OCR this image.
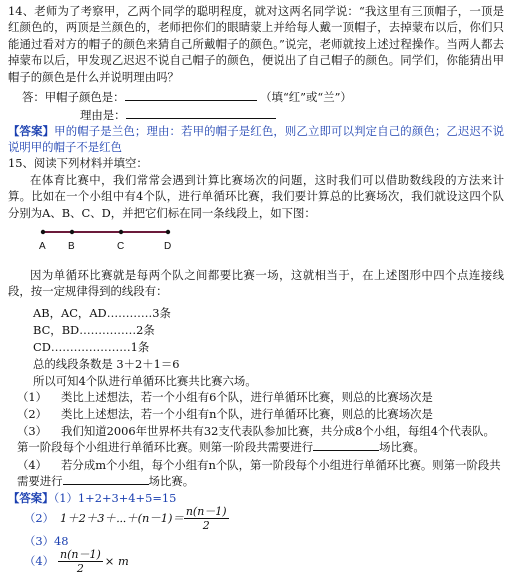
14、老师为了考察甲，乙两个同学的聪明程度，就对这两名同学说：“我这里有三顶帽子，一顶是红颜色的，两顶是兰颜色的，老师把你们的眼睛蒙上并给每人戴一顶帽子，去掉蒙布以后，你们只能通过看对方的帽子的颜色来猜自己所戴帽子的颜色。”说完，老师就按上述过程操作。当两人都去掉蒙布以后，甲发现乙迟迟不说自己帽子的颜色，便说出了自己帽子的颜色。同学们，你能猜出甲帽子的颜色是什么并说明理由吗？
答：甲帽子颜色是：	（填“红”或“兰”）
理由是：
【答案】甲的帽子是兰色；理由：若甲的帽子是红色，则乙立即可以判定自己的颜色；乙迟迟不说说明甲的帽子不是红色
15、阅读下列材料并填空：
在体育比赛中，我们常常会遇到计算比赛场次的问题，这时我们可以借助数线段的方法来计算。比如在一个小组中有4个队，进行单循环比赛，我们要计算总的比赛场次，我们就设这四个队分别为A、B、C、D，并把它们标在同一条线段上，如下图：
A B	C	D
因为单循环比赛就是每两个队之间都要比赛一场，这就相当于，在上述图形中四个点连接线段，按一定规律得到的线段有：
AB，AC，AD…………3条
BC，BD……………2条
CD…………………1条
总的线段条数是 3＋2＋1＝6
所以可知4个队进行单循环比赛共比赛六场。
（1） 类比上述想法，若一个小组有6个队，进行单循环比赛，则总的比赛场次是
（2） 类比上述想法，若一个小组有n个队，进行单循环比赛，则总的比赛场次是
（3） 我们知道2006年世界杯共有32支代表队参加比赛，共分成8个小组，每组4个代表队。第一阶段每个小组进行单循环比赛。则第一阶段共需要进行	场比赛。
（4） 若分成m个小组，每个小组有n个队，第一阶段每个小组进行单循环比赛。则第一阶段共需要进行	场比赛。
【答案】（1）1+2+3+4+5=15
（2） 1＋2＋3＋⋯＋(n－1)＝ $\frac{n(n-1)}{2}$
（3）48
$(4) \frac{n(n-1)}{2} \times m$
